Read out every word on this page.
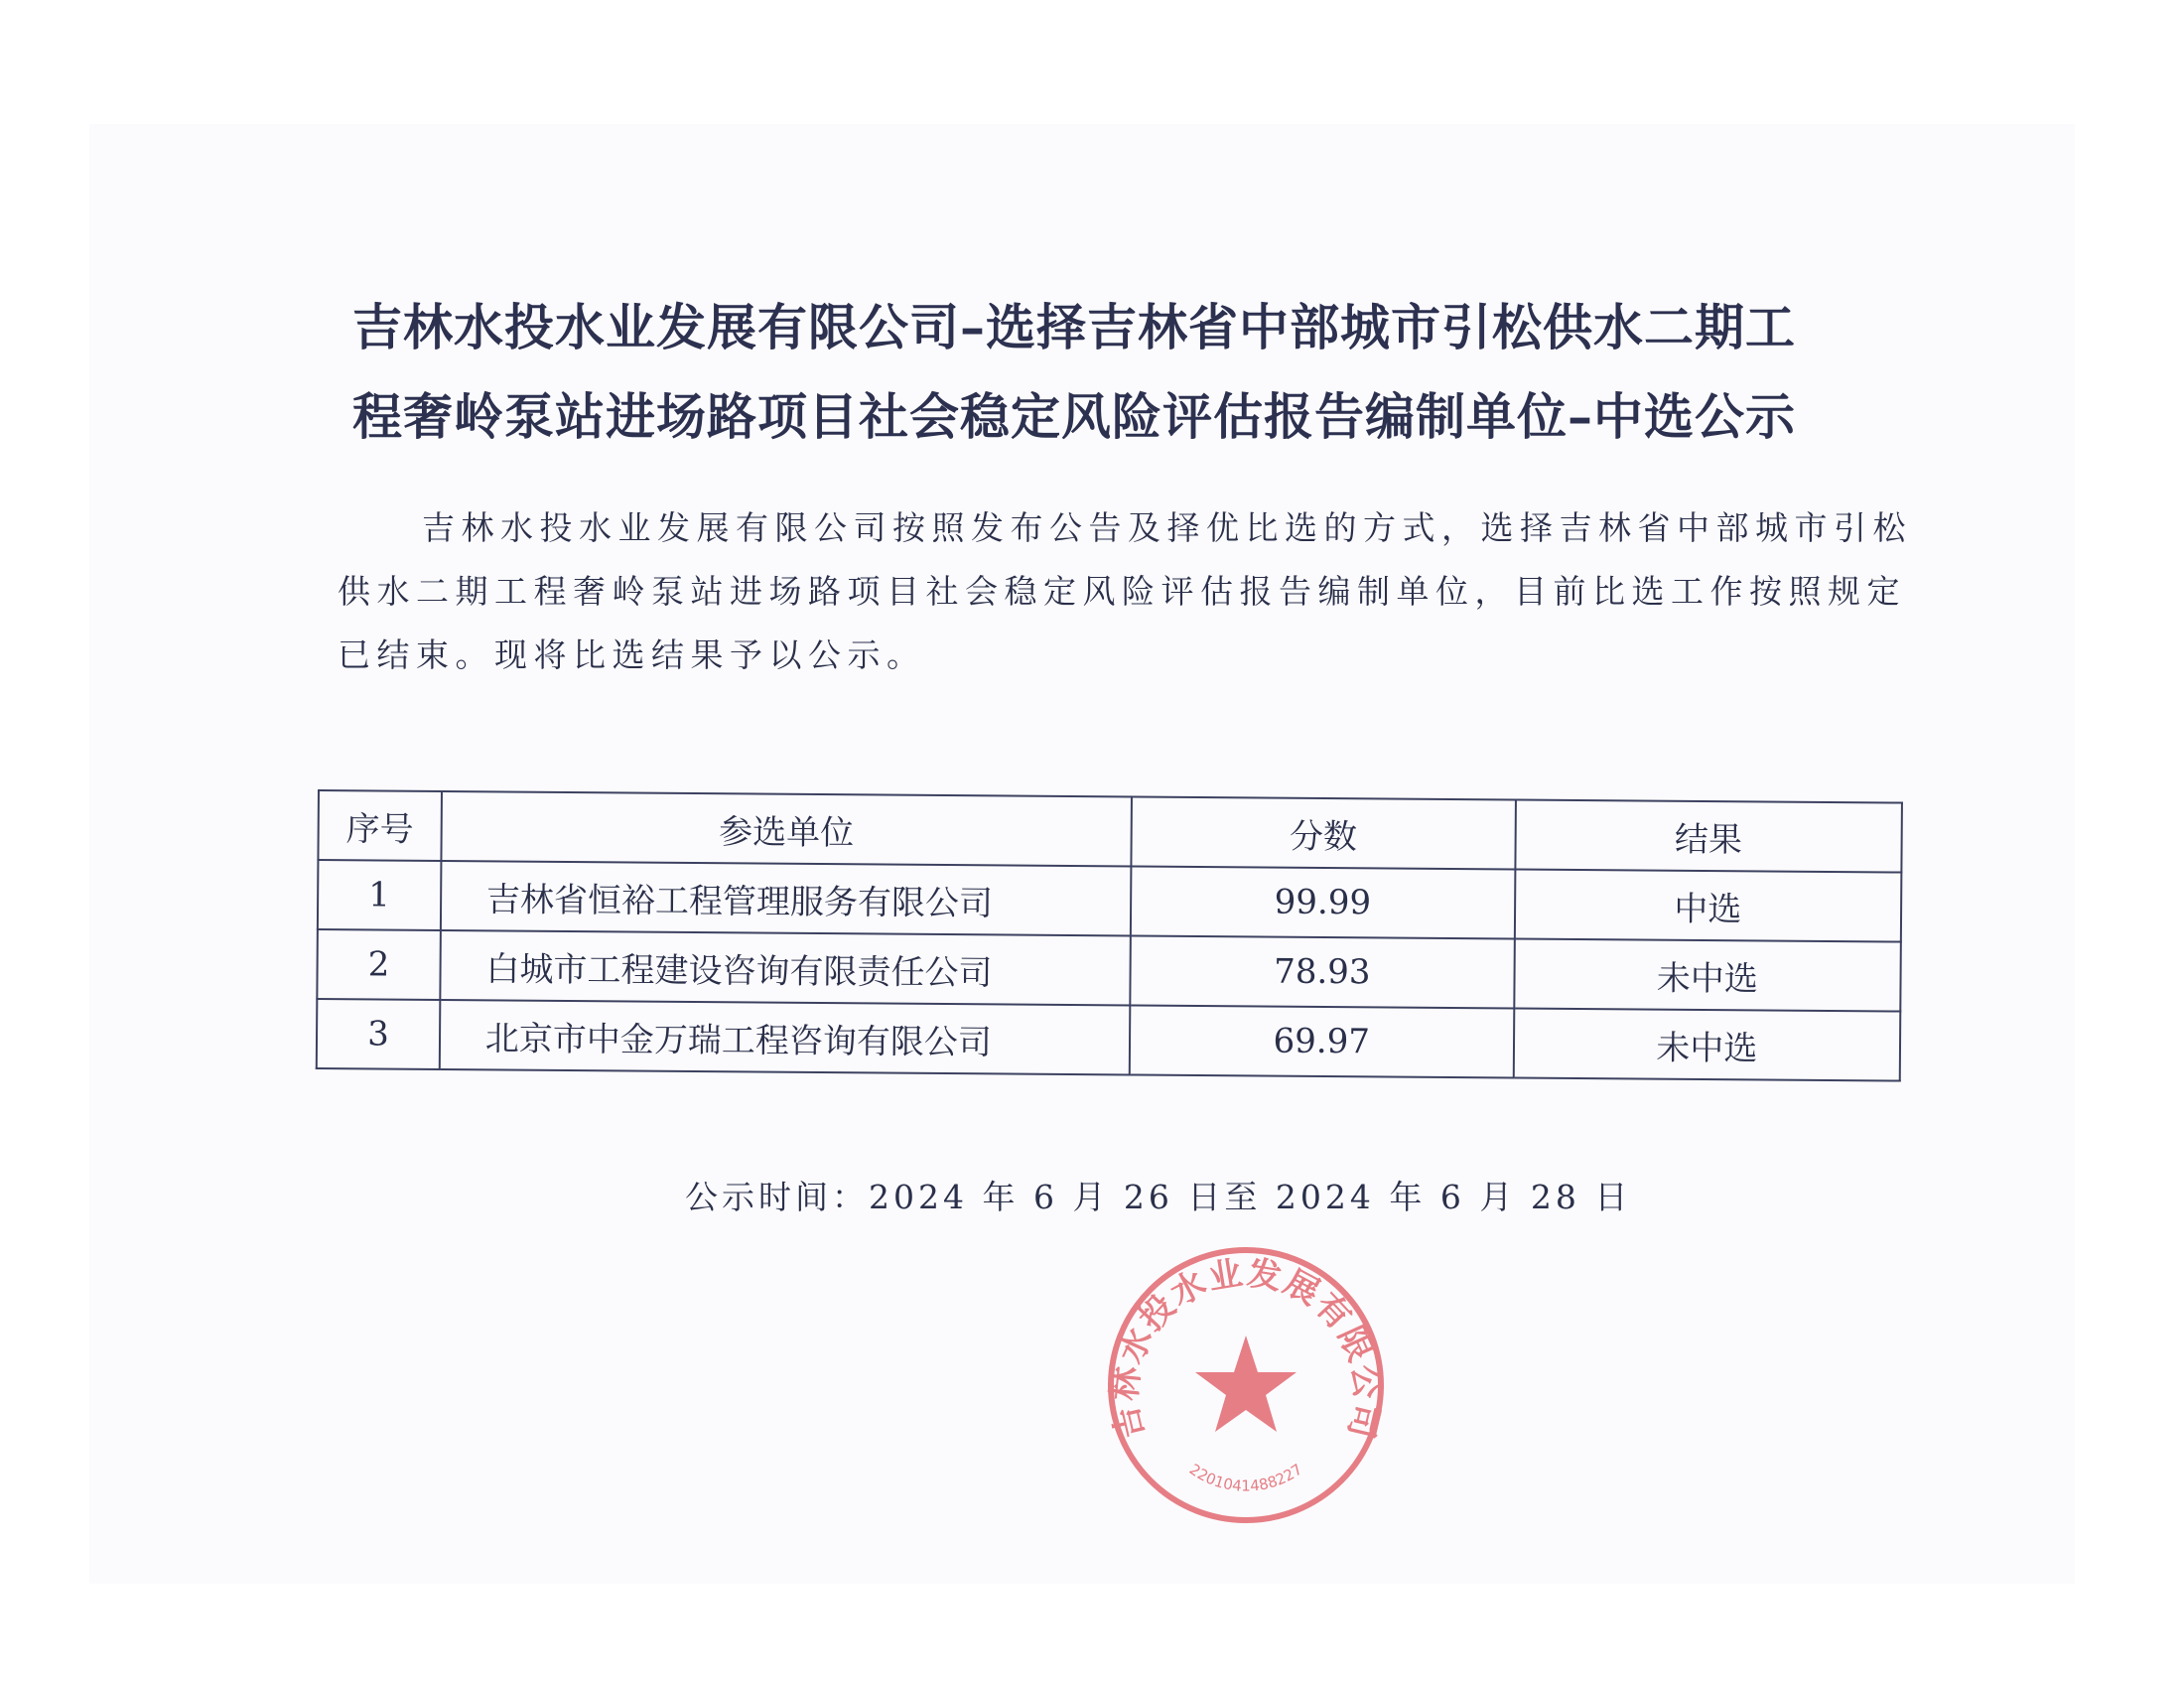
吉林水投水业发展有限公司–选择吉林省中部城市引松供水二期工
程奢岭泵站进场路项目社会稳定风险评估报告编制单位–中选公示
吉林水投水业发展有限公司按照发布公告及择优比选的方式，选择吉林省中部城市引松
供水二期工程奢岭泵站进场路项目社会稳定风险评估报告编制单位，目前比选工作按照规定
已结束。现将比选结果予以公示。
序号	参选单位	分数	结果
1	吉林省恒裕工程管理服务有限公司	99.99	中选
2	白城市工程建设咨询有限责任公司	78.93	未中选
3	北京市中金万瑞工程咨询有限公司	69.97	未中选
公示时间：2024 年 6 月 26 日至 2024 年 6 月 28 日
吉林水投水业发展有限公司
2201041488227
